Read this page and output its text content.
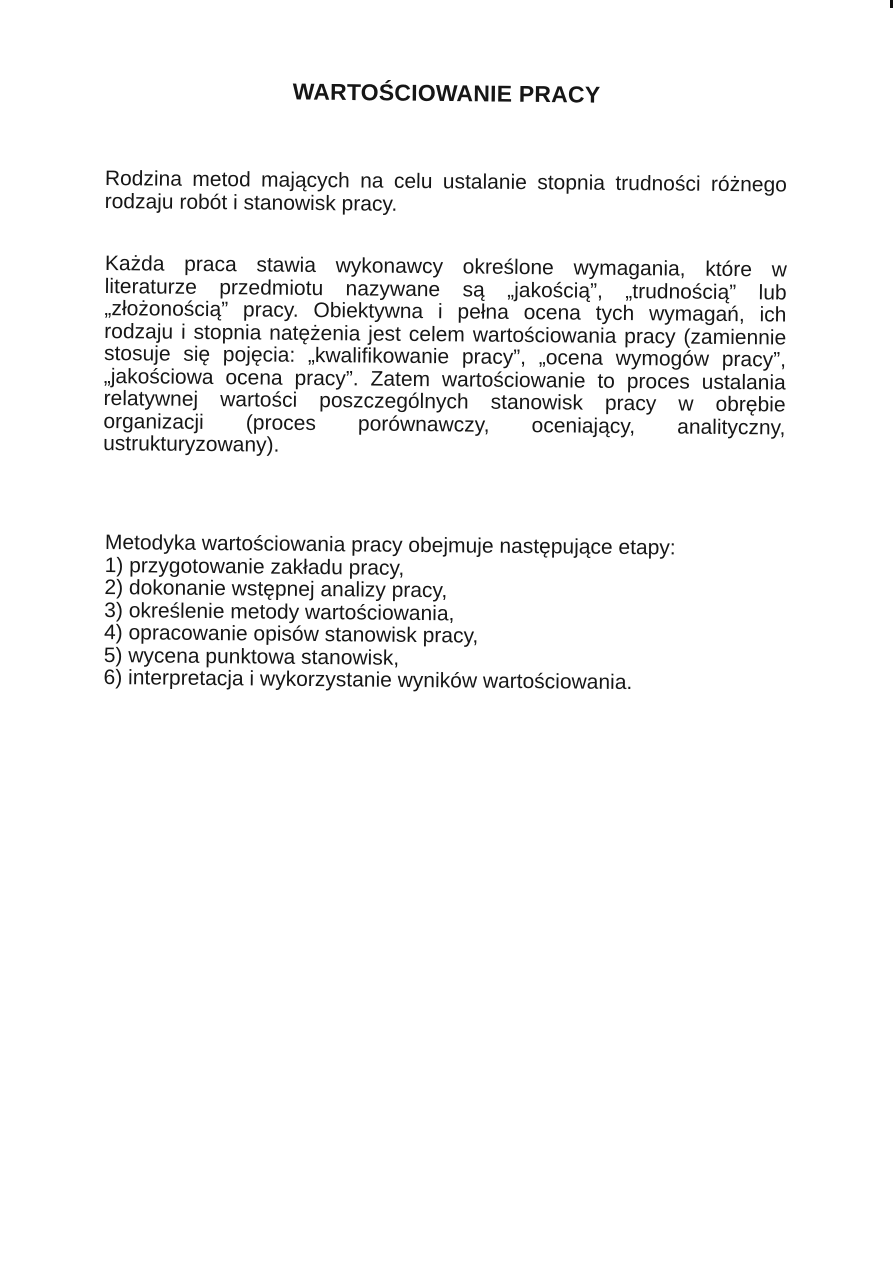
WARTOŚCIOWANIE PRACY
Rodzina metod mających na celu ustalanie stopnia trudności różnego rodzaju robót i stanowisk pracy.
Każda praca stawia wykonawcy określone wymagania, które w literaturze przedmiotu nazywane są „jakością”, „trudnością” lub „złożonością” pracy. Obiektywna i pełna ocena tych wymagań, ich rodzaju i stopnia natężenia jest celem wartościowania pracy (zamiennie stosuje się pojęcia: „kwalifikowanie pracy”, „ocena wymogów pracy”, „jakościowa ocena pracy”. Zatem wartościowanie to proces ustalania relatywnej wartości poszczególnych stanowisk pracy w obrębie organizacji (proces porównawczy, oceniający, analityczny, ustrukturyzowany).
Metodyka wartościowania pracy obejmuje następujące etapy:
1) przygotowanie zakładu pracy,
2) dokonanie wstępnej analizy pracy,
3) określenie metody wartościowania,
4) opracowanie opisów stanowisk pracy,
5) wycena punktowa stanowisk,
6) interpretacja i wykorzystanie wyników wartościowania.
